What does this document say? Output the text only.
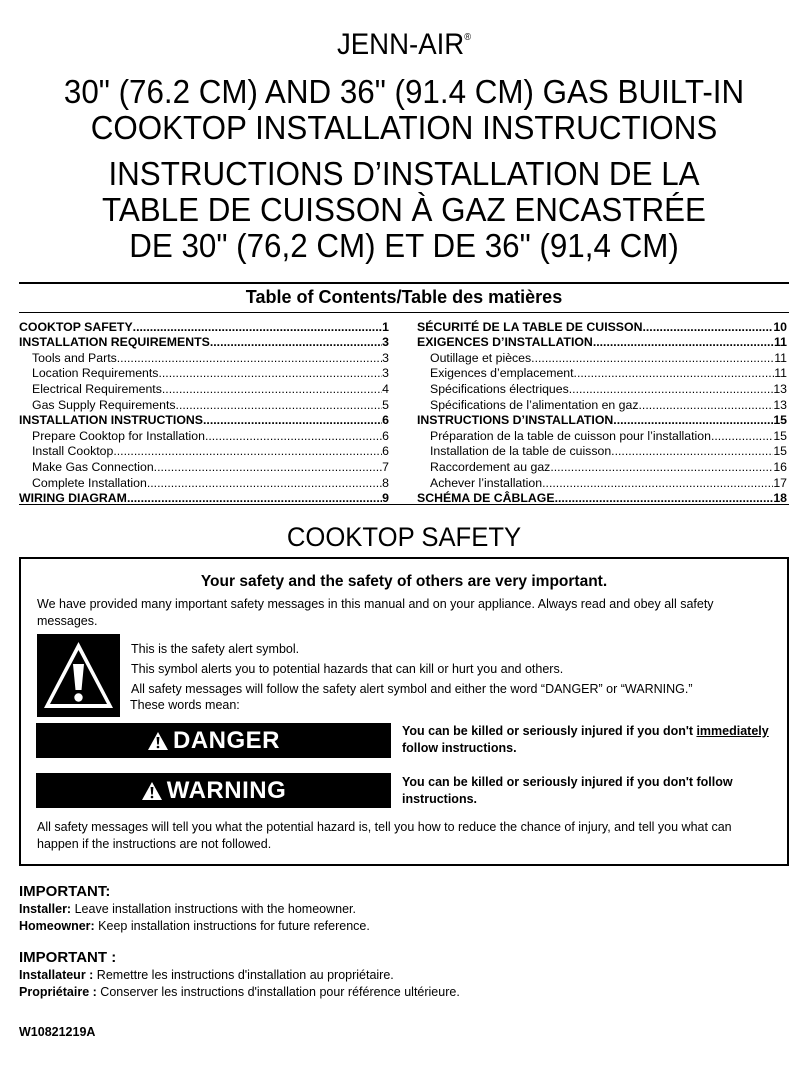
JENN-AIR®
30" (76.2 CM) AND 36" (91.4 CM) GAS BUILT-IN
COOKTOP INSTALLATION INSTRUCTIONS
INSTRUCTIONS D’INSTALLATION DE LA
TABLE DE CUISSON À GAZ ENCASTRÉE
DE 30" (76,2 CM) ET DE 36" (91,4 CM)
Table of Contents/Table des matières
COOKTOP SAFETY .....	1
INSTALLATION REQUIREMENTS .....	3
Tools and Parts .....	3
Location Requirements .....	3
Electrical Requirements .....	4
Gas Supply Requirements .....	5
INSTALLATION INSTRUCTIONS .....	6
Prepare Cooktop for Installation .....	6
Install Cooktop .....	6
Make Gas Connection .....	7
Complete Installation .....	8
WIRING DIAGRAM .....	9
SÉCURITÉ DE LA TABLE DE CUISSON .....	10
EXIGENCES D’INSTALLATION .....	11
Outillage et pièces .....	11
Exigences d’emplacement .....	11
Spécifications électriques .....	13
Spécifications de l’alimentation en gaz .....	13
INSTRUCTIONS D’INSTALLATION .....	15
Préparation de la table de cuisson pour l’installation .....	15
Installation de la table de cuisson .....	15
Raccordement au gaz .....	16
Achever l’installation .....	17
SCHÉMA DE CÂBLAGE .....	18
COOKTOP SAFETY
Your safety and the safety of others are very important.
We have provided many important safety messages in this manual and on your appliance. Always read and obey all safety messages.
This is the safety alert symbol.
This symbol alerts you to potential hazards that can kill or hurt you and others.
All safety messages will follow the safety alert symbol and either the word “DANGER” or “WARNING.”
These words mean:
DANGER	You can be killed or seriously injured if you don't immediately follow instructions.
WARNING	You can be killed or seriously injured if you don't follow instructions.
All safety messages will tell you what the potential hazard is, tell you how to reduce the chance of injury, and tell you what can happen if the instructions are not followed.
IMPORTANT:
Installer: Leave installation instructions with the homeowner.
Homeowner: Keep installation instructions for future reference.
IMPORTANT :
Installateur : Remettre les instructions d'installation au propriétaire.
Propriétaire : Conserver les instructions d'installation pour référence ultérieure.
W10821219A
